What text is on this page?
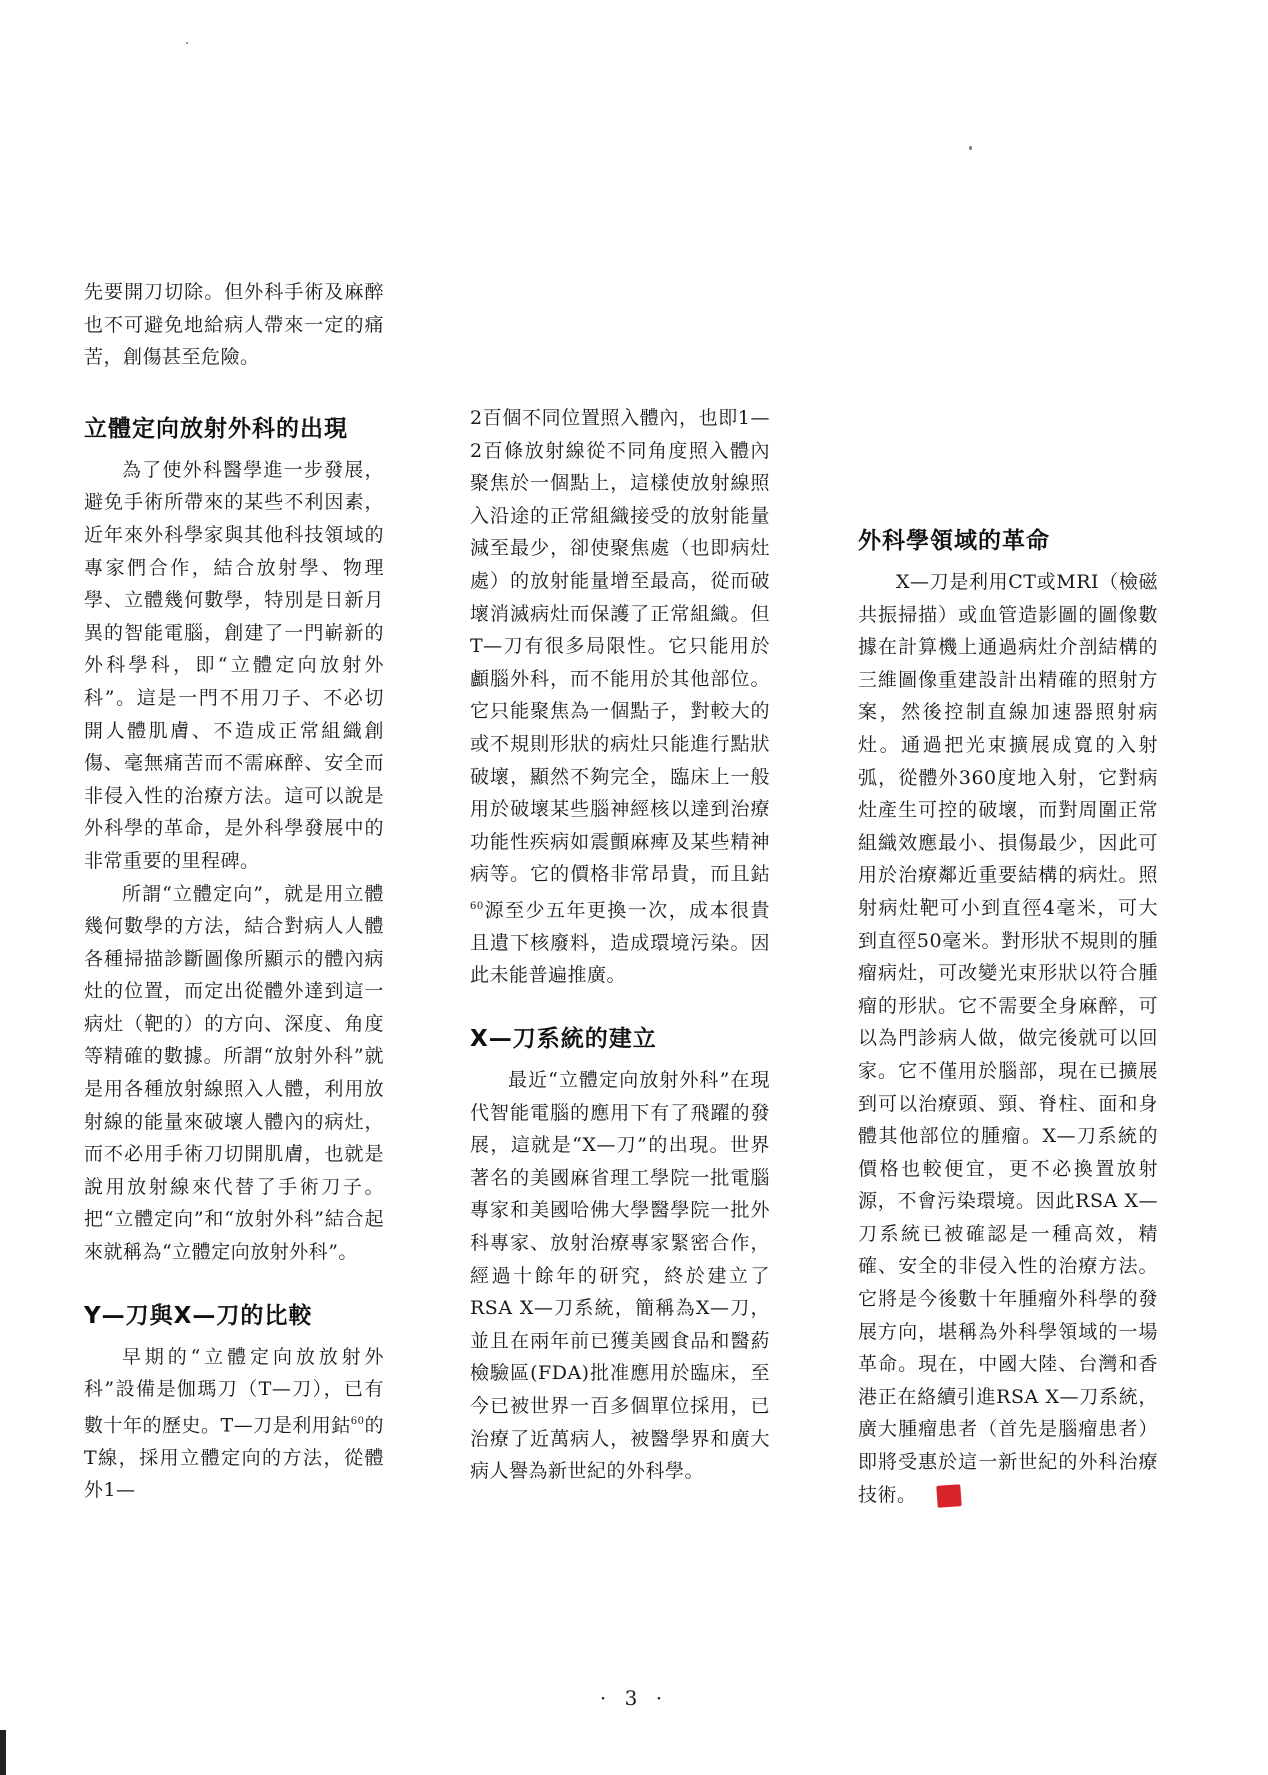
先要開刀切除。但外科手術及麻醉也不可避免地給病人帶來一定的痛苦，創傷甚至危險。

立體定向放射外科的出現

為了使外科醫學進一步發展，避免手術所帶來的某些不利因素，近年來外科學家與其他科技領域的專家們合作，結合放射學、物理學、立體幾何數學，特別是日新月異的智能電腦，創建了一門嶄新的外科學科，即“立體定向放射外科”。這是一門不用刀子、不必切開人體肌膚、不造成正常組織創傷、毫無痛苦而不需麻醉、安全而非侵入性的治療方法。這可以說是外科學的革命，是外科學發展中的非常重要的里程碑。

所謂“立體定向”，就是用立體幾何數學的方法，結合對病人人體各種掃描診斷圖像所顯示的體內病灶的位置，而定出從體外達到這一病灶（靶的）的方向、深度、角度等精確的數據。所謂“放射外科”就是用各種放射線照入人體，利用放射線的能量來破壞人體內的病灶，而不必用手術刀切開肌膚，也就是說用放射線來代替了手術刀子。把“立體定向”和“放射外科”結合起來就稱為“立體定向放射外科”。

Υ—刀與X—刀的比較

早期的“立體定向放放射外科”設備是伽瑪刀（Τ—刀），已有數十年的歷史。Τ—刀是利用鈷$^{60}$的Τ線，採用立體定向的方法，從體外1—

2百個不同位置照入體內，也即1—2百條放射線從不同角度照入體內聚焦於一個點上，這樣使放射線照入沿途的正常組織接受的放射能量減至最少，卻使聚焦處（也即病灶處）的放射能量增至最高，從而破壞消滅病灶而保護了正常組織。但Τ—刀有很多局限性。它只能用於顱腦外科，而不能用於其他部位。它只能聚焦為一個點子，對較大的或不規則形狀的病灶只能進行點狀破壞，顯然不夠完全，臨床上一般用於破壞某些腦神經核以達到治療功能性疾病如震顫麻痺及某些精神病等。它的價格非常昂貴，而且鈷$^{60}$源至少五年更換一次，成本很貴且遺下核廢料，造成環境污染。因此未能普遍推廣。

X—刀系統的建立

最近“立體定向放射外科”在現代智能電腦的應用下有了飛躍的發展，這就是“X—刀”的出現。世界著名的美國麻省理工學院一批電腦專家和美國哈佛大學醫學院一批外科專家、放射治療專家緊密合作，經過十餘年的研究，終於建立了RSA X—刀系統，簡稱為X—刀，並且在兩年前已獲美國食品和醫葯檢驗區(FDA)批准應用於臨床，至今已被世界一百多個單位採用，已治療了近萬病人，被醫學界和廣大病人譽為新世紀的外科學。

外科學領域的革命

X—刀是利用CT或MRI（檢磁共振掃描）或血管造影圖的圖像數據在計算機上通過病灶介剖結構的三維圖像重建設計出精確的照射方案，然後控制直線加速器照射病灶。通過把光束擴展成寬的入射弧，從體外360度地入射，它對病灶產生可控的破壞，而對周圍正常組織效應最小、損傷最少，因此可用於治療鄰近重要結構的病灶。照射病灶靶可小到直徑4毫米，可大到直徑50毫米。對形狀不規則的腫瘤病灶，可改變光束形狀以符合腫瘤的形狀。它不需要全身麻醉，可以為門診病人做，做完後就可以回家。它不僅用於腦部，現在已擴展到可以治療頭、頸、脊柱、面和身體其他部位的腫瘤。X—刀系統的價格也較便宜，更不必換置放射源，不會污染環境。因此RSA X—刀系統已被確認是一種高效，精確、安全的非侵入性的治療方法。它將是今後數十年腫瘤外科學的發展方向，堪稱為外科學領域的一場革命。現在，中國大陸、台灣和香港正在絡續引進RSA X—刀系統，廣大腫瘤患者（首先是腦瘤患者）即將受惠於這一新世紀的外科治療技術。

· 3 ·
